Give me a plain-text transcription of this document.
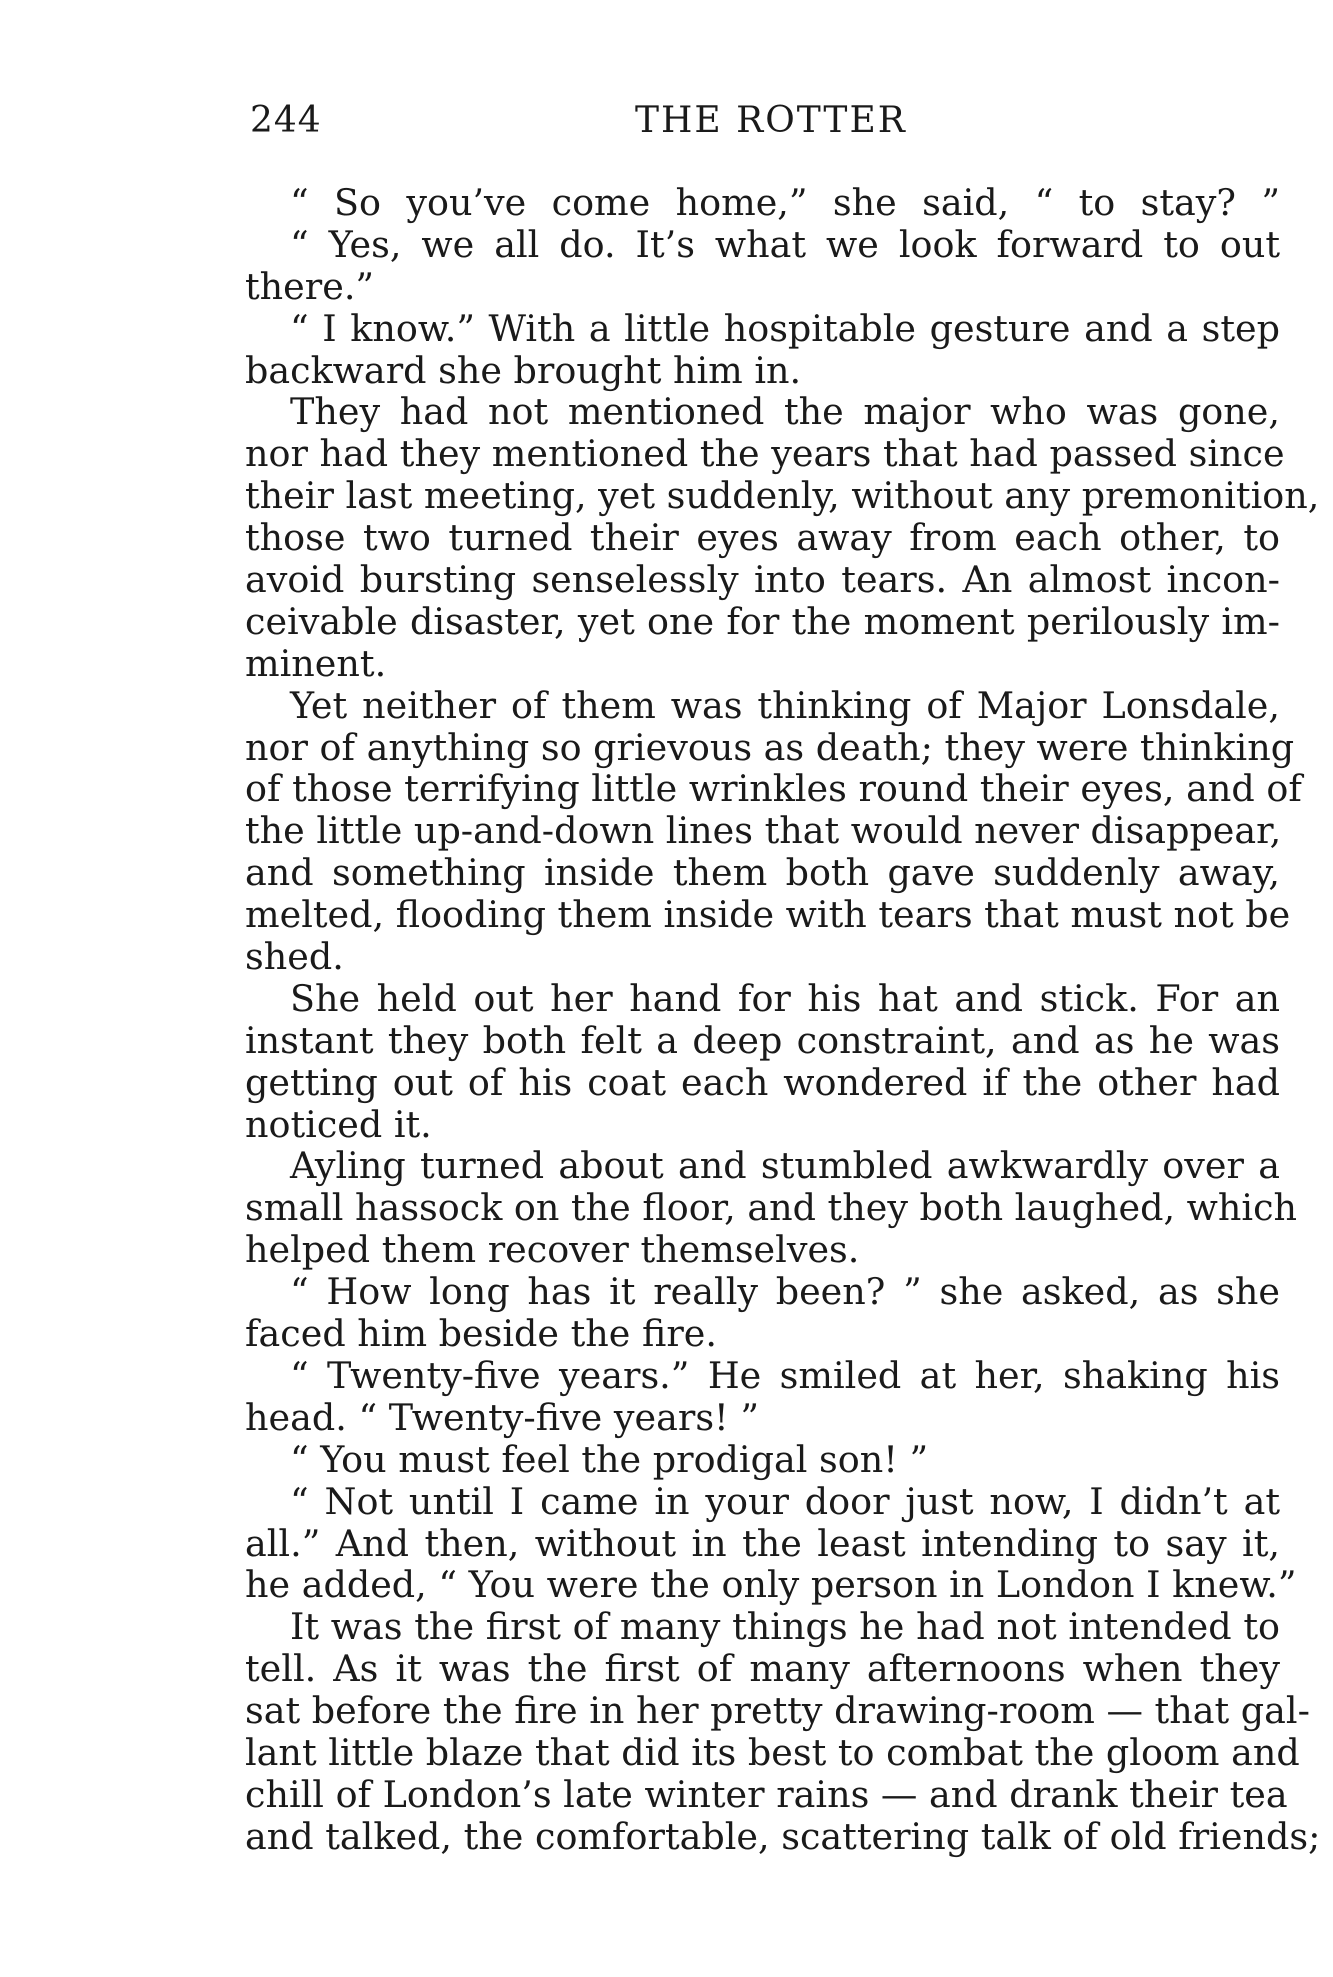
244	THE ROTTER
“ So you’ve come home,” she said, “ to stay? ”
“ Yes, we all do. It’s what we look forward to out
there.”
“ I know.” With a little hospitable gesture and a step
backward she brought him in.
They had not mentioned the major who was gone,
nor had they mentioned the years that had passed since
their last meeting, yet suddenly, without any premonition,
those two turned their eyes away from each other, to
avoid bursting senselessly into tears. An almost incon-
ceivable disaster, yet one for the moment perilously im-
minent.
Yet neither of them was thinking of Major Lonsdale,
nor of anything so grievous as death; they were thinking
of those terrifying little wrinkles round their eyes, and of
the little up-and-down lines that would never disappear,
and something inside them both gave suddenly away,
melted, flooding them inside with tears that must not be
shed.
She held out her hand for his hat and stick. For an
instant they both felt a deep constraint, and as he was
getting out of his coat each wondered if the other had
noticed it.
Ayling turned about and stumbled awkwardly over a
small hassock on the floor, and they both laughed, which
helped them recover themselves.
“ How long has it really been? ” she asked, as she
faced him beside the fire.
“ Twenty-five years.” He smiled at her, shaking his
head. “ Twenty-five years! ”
“ You must feel the prodigal son! ”
“ Not until I came in your door just now, I didn’t at
all.” And then, without in the least intending to say it,
he added, “ You were the only person in London I knew.”
It was the first of many things he had not intended to
tell. As it was the first of many afternoons when they
sat before the fire in her pretty drawing-room — that gal-
lant little blaze that did its best to combat the gloom and
chill of London’s late winter rains — and drank their tea
and talked, the comfortable, scattering talk of old friends;
